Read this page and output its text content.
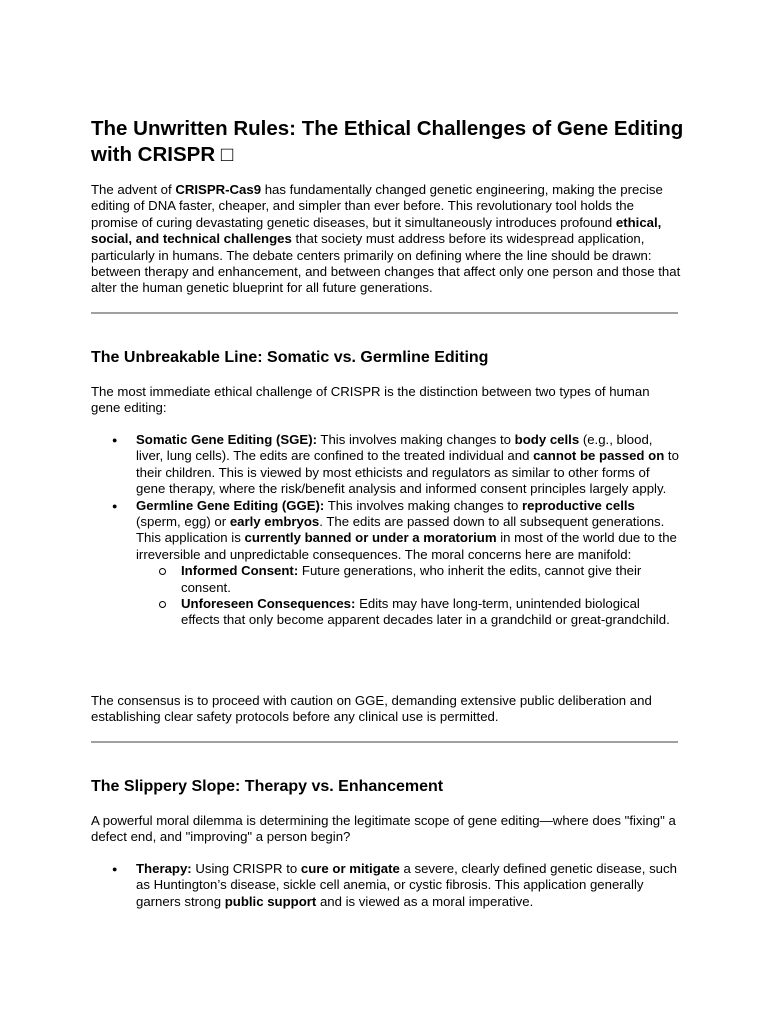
The Unwritten Rules: The Ethical Challenges of Gene Editing with CRISPR □

The advent of CRISPR-Cas9 has fundamentally changed genetic engineering, making the precise editing of DNA faster, cheaper, and simpler than ever before. This revolutionary tool holds the promise of curing devastating genetic diseases, but it simultaneously introduces profound ethical, social, and technical challenges that society must address before its widespread application, particularly in humans. The debate centers primarily on defining where the line should be drawn: between therapy and enhancement, and between changes that affect only one person and those that alter the human genetic blueprint for all future generations.

The Unbreakable Line: Somatic vs. Germline Editing

The most immediate ethical challenge of CRISPR is the distinction between two types of human gene editing:

● Somatic Gene Editing (SGE): This involves making changes to body cells (e.g., blood, liver, lung cells). The edits are confined to the treated individual and cannot be passed on to their children. This is viewed by most ethicists and regulators as similar to other forms of gene therapy, where the risk/benefit analysis and informed consent principles largely apply.
● Germline Gene Editing (GGE): This involves making changes to reproductive cells (sperm, egg) or early embryos. The edits are passed down to all subsequent generations. This application is currently banned or under a moratorium in most of the world due to the irreversible and unpredictable consequences. The moral concerns here are manifold:
Informed Consent: Future generations, who inherit the edits, cannot give their consent.
Unforeseen Consequences: Edits may have long-term, unintended biological effects that only become apparent decades later in a grandchild or great-grandchild.

The consensus is to proceed with caution on GGE, demanding extensive public deliberation and establishing clear safety protocols before any clinical use is permitted.

The Slippery Slope: Therapy vs. Enhancement

A powerful moral dilemma is determining the legitimate scope of gene editing—where does "fixing" a defect end, and "improving" a person begin?

● Therapy: Using CRISPR to cure or mitigate a severe, clearly defined genetic disease, such as Huntington’s disease, sickle cell anemia, or cystic fibrosis. This application generally garners strong public support and is viewed as a moral imperative.
